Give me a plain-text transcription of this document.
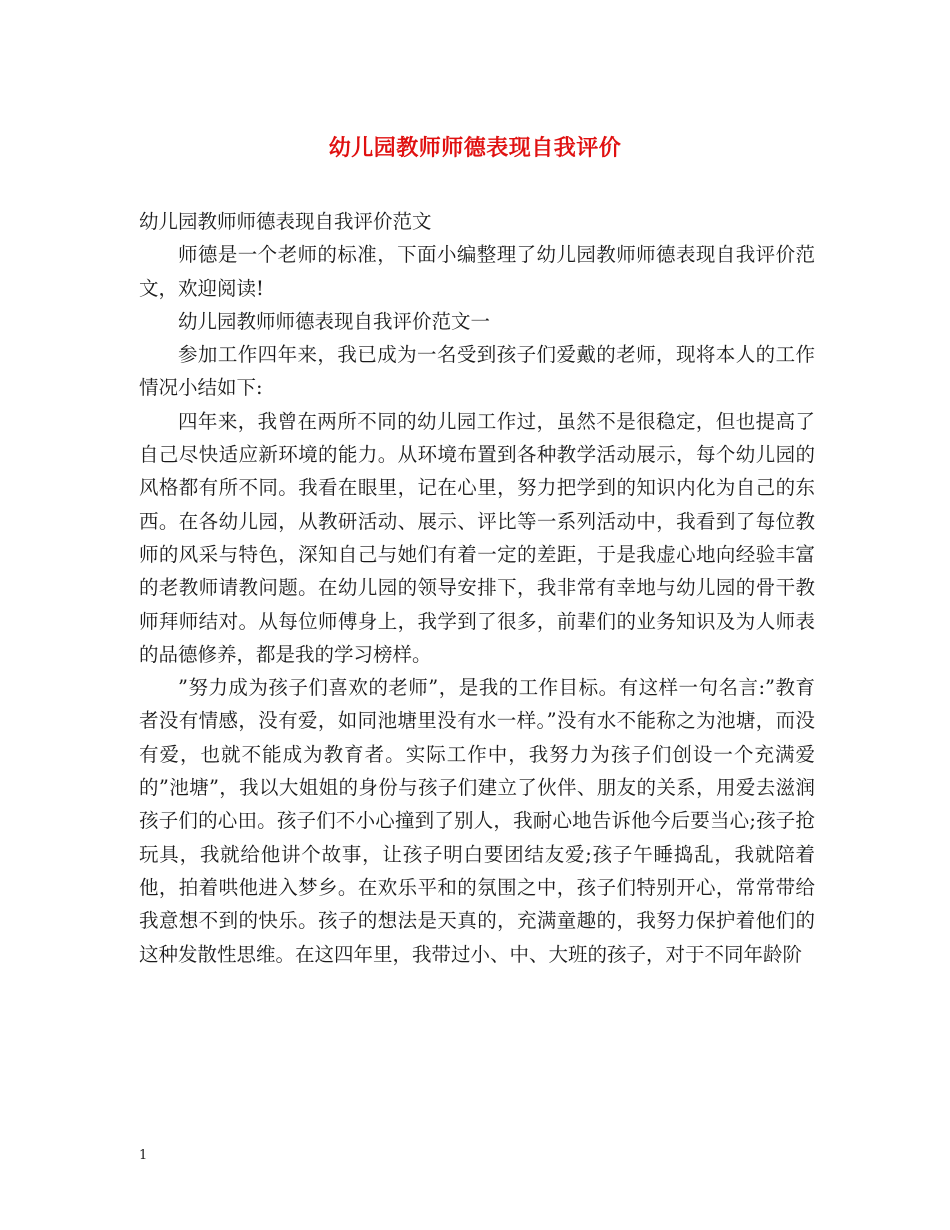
幼儿园教师师德表现自我评价

幼儿园教师师德表现自我评价范文

师德是一个老师的标准，下面小编整理了幼儿园教师师德表现自我评价范文，欢迎阅读!

幼儿园教师师德表现自我评价范文一

参加工作四年来，我已成为一名受到孩子们爱戴的老师，现将本人的工作情况小结如下:

四年来，我曾在两所不同的幼儿园工作过，虽然不是很稳定，但也提高了自己尽快适应新环境的能力。从环境布置到各种教学活动展示，每个幼儿园的风格都有所不同。我看在眼里，记在心里，努力把学到的知识内化为自己的东西。在各幼儿园，从教研活动、展示、评比等一系列活动中，我看到了每位教师的风采与特色，深知自己与她们有着一定的差距，于是我虚心地向经验丰富的老教师请教问题。在幼儿园的领导安排下，我非常有幸地与幼儿园的骨干教师拜师结对。从每位师傅身上，我学到了很多，前辈们的业务知识及为人师表的品德修养，都是我的学习榜样。

”努力成为孩子们喜欢的老师”，是我的工作目标。有这样一句名言:”教育者没有情感，没有爱，如同池塘里没有水一样。”没有水不能称之为池塘，而没有爱，也就不能成为教育者。实际工作中，我努力为孩子们创设一个充满爱的”池塘”，我以大姐姐的身份与孩子们建立了伙伴、朋友的关系，用爱去滋润孩子们的心田。孩子们不小心撞到了别人，我耐心地告诉他今后要当心;孩子抢玩具，我就给他讲个故事，让孩子明白要团结友爱;孩子午睡捣乱，我就陪着他，拍着哄他进入梦乡。在欢乐平和的氛围之中，孩子们特别开心，常常带给我意想不到的快乐。孩子的想法是天真的，充满童趣的，我努力保护着他们的这种发散性思维。在这四年里，我带过小、中、大班的孩子，对于不同年龄阶

1
